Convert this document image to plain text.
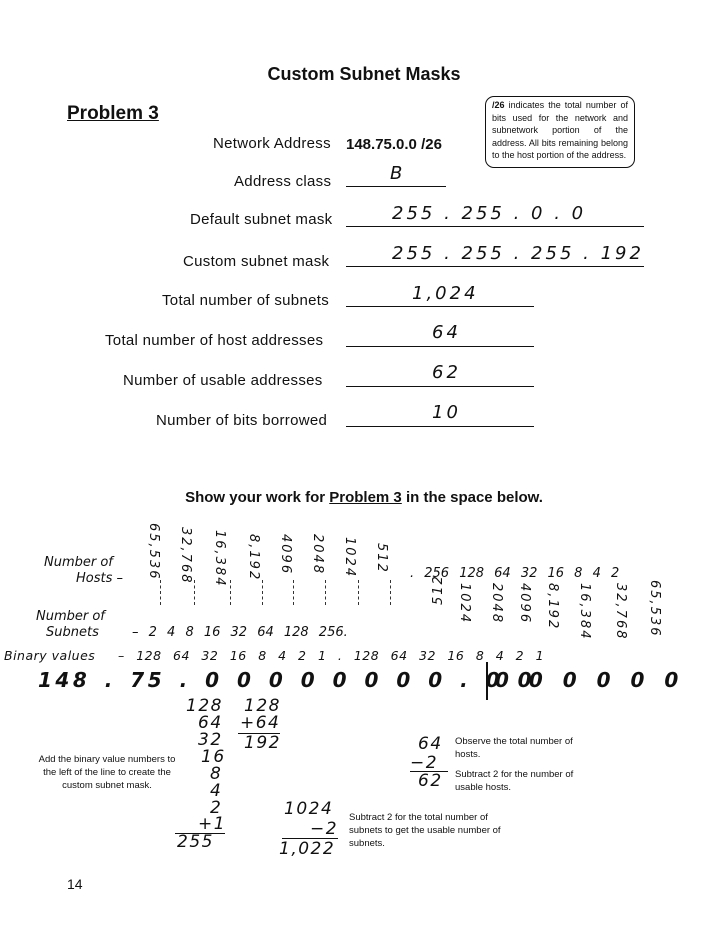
Custom Subnet Masks
Problem 3	/26 indicates the total number of bits used for the network and subnetwork portion of the address. All bits remaining belong to the host portion of the address.
Network Address 148.75.0.0 /26
Address class	B
Default subnet mask	255 . 255 . 0 . 0
Custom subnet mask	255 . 255 . 255 . 192
Total number of subnets	1,024
Total number of host addresses	64
Number of usable addresses	62
Number of bits borrowed	10
Show your work for Problem 3 in the space below.
65,536 32,768 16,384 8,192 4096 2048 1024 512
Number of
Hosts –	. 256 128 64 32 16 8 4 2
Number of
Subnets	– 2 4 8 16 32 64 128 256.
512 1024 2048 4096 8,192 16,384 32,768 65,536
Binary values – 128 64 32 16 8 4 2 1 . 128 64 32 16 8 4 2 1
148 . 75 . 0 0 0 0 0 0 0 0 . 0 0
0 0 0 0 0 0
128
64
32
16
8
4
2
+1
255
128
+64
192	64
−2
62
1024
−2
1,022
Add the binary value numbers to the left of the line to create the custom subnet mask.
Observe the total number of hosts.
Subtract 2 for the number of usable hosts.
Subtract 2 for the total number of subnets to get the usable number of subnets.
14
